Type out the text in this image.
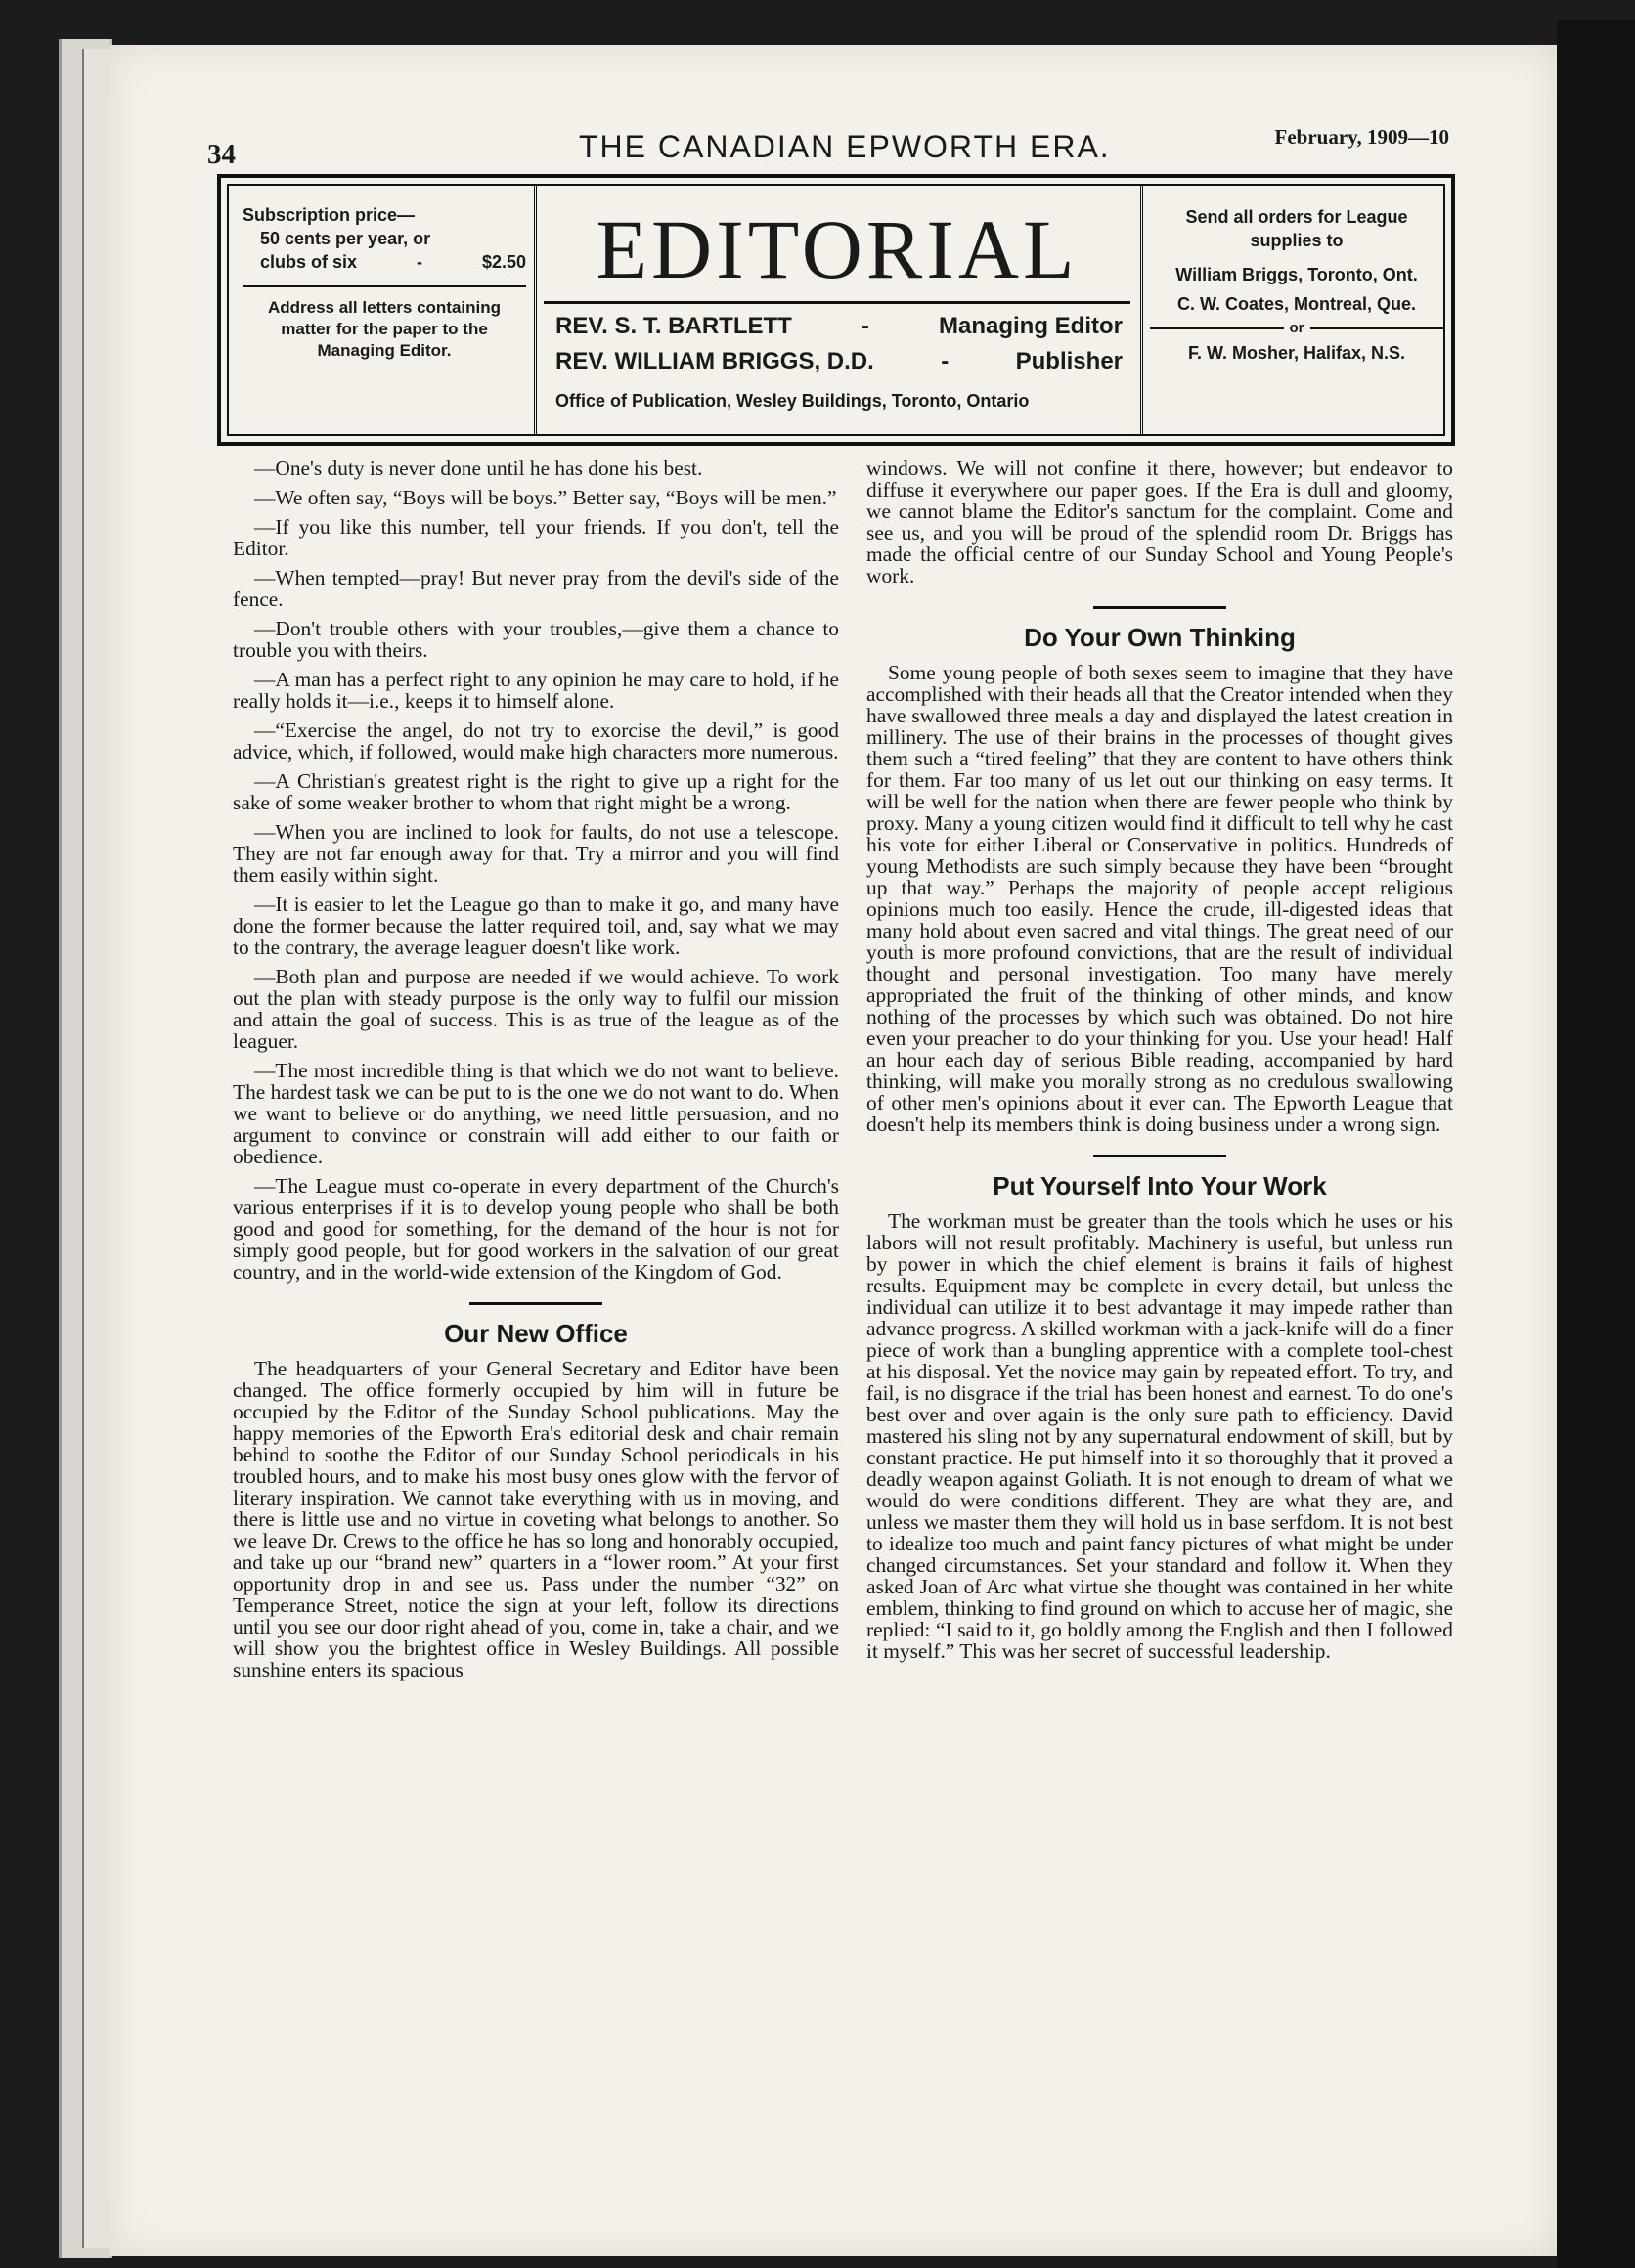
34	THE CANADIAN EPWORTH ERA.	February, 1909—10
Subscription price—
50 cents per year, or
clubs of six	-	$2.50
Address all letters containing matter for the paper to the Managing Editor.
EDITORIAL
REV. S. T. BARTLETT	-	Managing Editor
REV. WILLIAM BRIGGS, D.D.	-	Publisher
Office of Publication, Wesley Buildings, Toronto, Ontario
Send all orders for League supplies to
William Briggs, Toronto, Ont.
C. W. Coates, Montreal, Que.
or
F. W. Mosher, Halifax, N.S.

—One's duty is never done until he has done his best.

—We often say, “Boys will be boys.” Better say, “Boys will be men.”

—If you like this number, tell your friends. If you don't, tell the Editor.

—When tempted—pray! But never pray from the devil's side of the fence.

—Don't trouble others with your troubles,—give them a chance to trouble you with theirs.

—A man has a perfect right to any opinion he may care to hold, if he really holds it—i.e., keeps it to himself alone.

—“Exercise the angel, do not try to exorcise the devil,” is good advice, which, if followed, would make high characters more numerous.

—A Christian's greatest right is the right to give up a right for the sake of some weaker brother to whom that right might be a wrong.

—When you are inclined to look for faults, do not use a telescope. They are not far enough away for that. Try a mirror and you will find them easily within sight.

—It is easier to let the League go than to make it go, and many have done the former because the latter required toil, and, say what we may to the contrary, the average leaguer doesn't like work.

—Both plan and purpose are needed if we would achieve. To work out the plan with steady purpose is the only way to fulfil our mission and attain the goal of success. This is as true of the league as of the leaguer.

—The most incredible thing is that which we do not want to believe. The hardest task we can be put to is the one we do not want to do. When we want to believe or do anything, we need little persuasion, and no argument to convince or constrain will add either to our faith or obedience.

—The League must co-operate in every department of the Church's various enterprises if it is to develop young people who shall be both good and good for something, for the demand of the hour is not for simply good people, but for good workers in the salvation of our great country, and in the world-wide extension of the Kingdom of God.

Our New Office

The headquarters of your General Secretary and Editor have been changed. The office formerly occupied by him will in future be occupied by the Editor of the Sunday School publications. May the happy memories of the Epworth Era's editorial desk and chair remain behind to soothe the Editor of our Sunday School periodicals in his troubled hours, and to make his most busy ones glow with the fervor of literary inspiration. We cannot take everything with us in moving, and there is little use and no virtue in coveting what belongs to another. So we leave Dr. Crews to the office he has so long and honorably occupied, and take up our “brand new” quarters in a “lower room.” At your first opportunity drop in and see us. Pass under the number “32” on Temperance Street, notice the sign at your left, follow its directions until you see our door right ahead of you, come in, take a chair, and we will show you the brightest office in Wesley Buildings. All possible sunshine enters its spacious

windows. We will not confine it there, however; but endeavor to diffuse it everywhere our paper goes. If the Era is dull and gloomy, we cannot blame the Editor's sanctum for the complaint. Come and see us, and you will be proud of the splendid room Dr. Briggs has made the official centre of our Sunday School and Young People's work.

Do Your Own Thinking

Some young people of both sexes seem to imagine that they have accomplished with their heads all that the Creator intended when they have swallowed three meals a day and displayed the latest creation in millinery. The use of their brains in the processes of thought gives them such a “tired feeling” that they are content to have others think for them. Far too many of us let out our thinking on easy terms. It will be well for the nation when there are fewer people who think by proxy. Many a young citizen would find it difficult to tell why he cast his vote for either Liberal or Conservative in politics. Hundreds of young Methodists are such simply because they have been “brought up that way.” Perhaps the majority of people accept religious opinions much too easily. Hence the crude, ill-digested ideas that many hold about even sacred and vital things. The great need of our youth is more profound convictions, that are the result of individual thought and personal investigation. Too many have merely appropriated the fruit of the thinking of other minds, and know nothing of the processes by which such was obtained. Do not hire even your preacher to do your thinking for you. Use your head! Half an hour each day of serious Bible reading, accompanied by hard thinking, will make you morally strong as no credulous swallowing of other men's opinions about it ever can. The Epworth League that doesn't help its members think is doing business under a wrong sign.

Put Yourself Into Your Work

The workman must be greater than the tools which he uses or his labors will not result profitably. Machinery is useful, but unless run by power in which the chief element is brains it fails of highest results. Equipment may be complete in every detail, but unless the individual can utilize it to best advantage it may impede rather than advance progress. A skilled workman with a jack-knife will do a finer piece of work than a bungling apprentice with a complete tool-chest at his disposal. Yet the novice may gain by repeated effort. To try, and fail, is no disgrace if the trial has been honest and earnest. To do one's best over and over again is the only sure path to efficiency. David mastered his sling not by any supernatural endowment of skill, but by constant practice. He put himself into it so thoroughly that it proved a deadly weapon against Goliath. It is not enough to dream of what we would do were conditions different. They are what they are, and unless we master them they will hold us in base serfdom. It is not best to idealize too much and paint fancy pictures of what might be under changed circumstances. Set your standard and follow it. When they asked Joan of Arc what virtue she thought was contained in her white emblem, thinking to find ground on which to accuse her of magic, she replied: “I said to it, go boldly among the English and then I followed it myself.” This was her secret of successful leadership.
